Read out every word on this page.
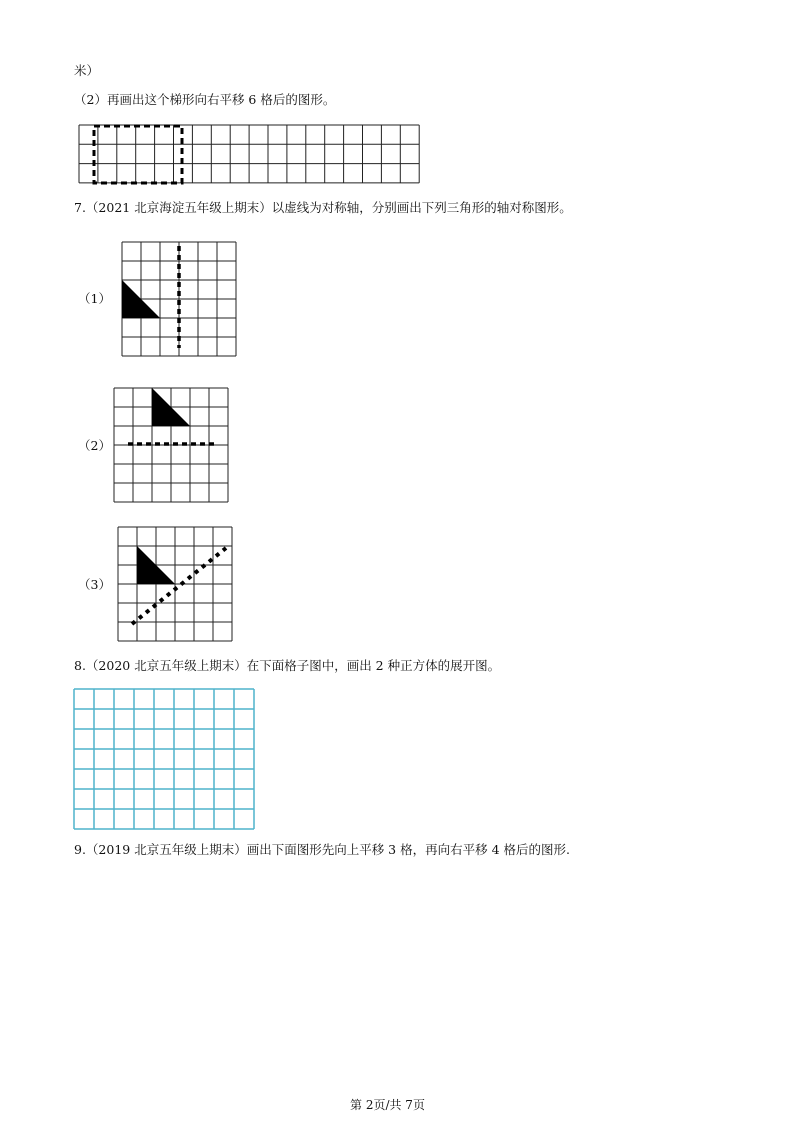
米）
（2）再画出这个梯形向右平移 6 格后的图形。
7.（2021 北京海淀五年级上期末）以虚线为对称轴，分别画出下列三角形的轴对称图形。
（1）
（2）
（3）
8.（2020 北京五年级上期末）在下面格子图中，画出 2 种正方体的展开图。
9.（2019 北京五年级上期末）画出下面图形先向上平移 3 格，再向右平移 4 格后的图形.
第 2页/共 7页
